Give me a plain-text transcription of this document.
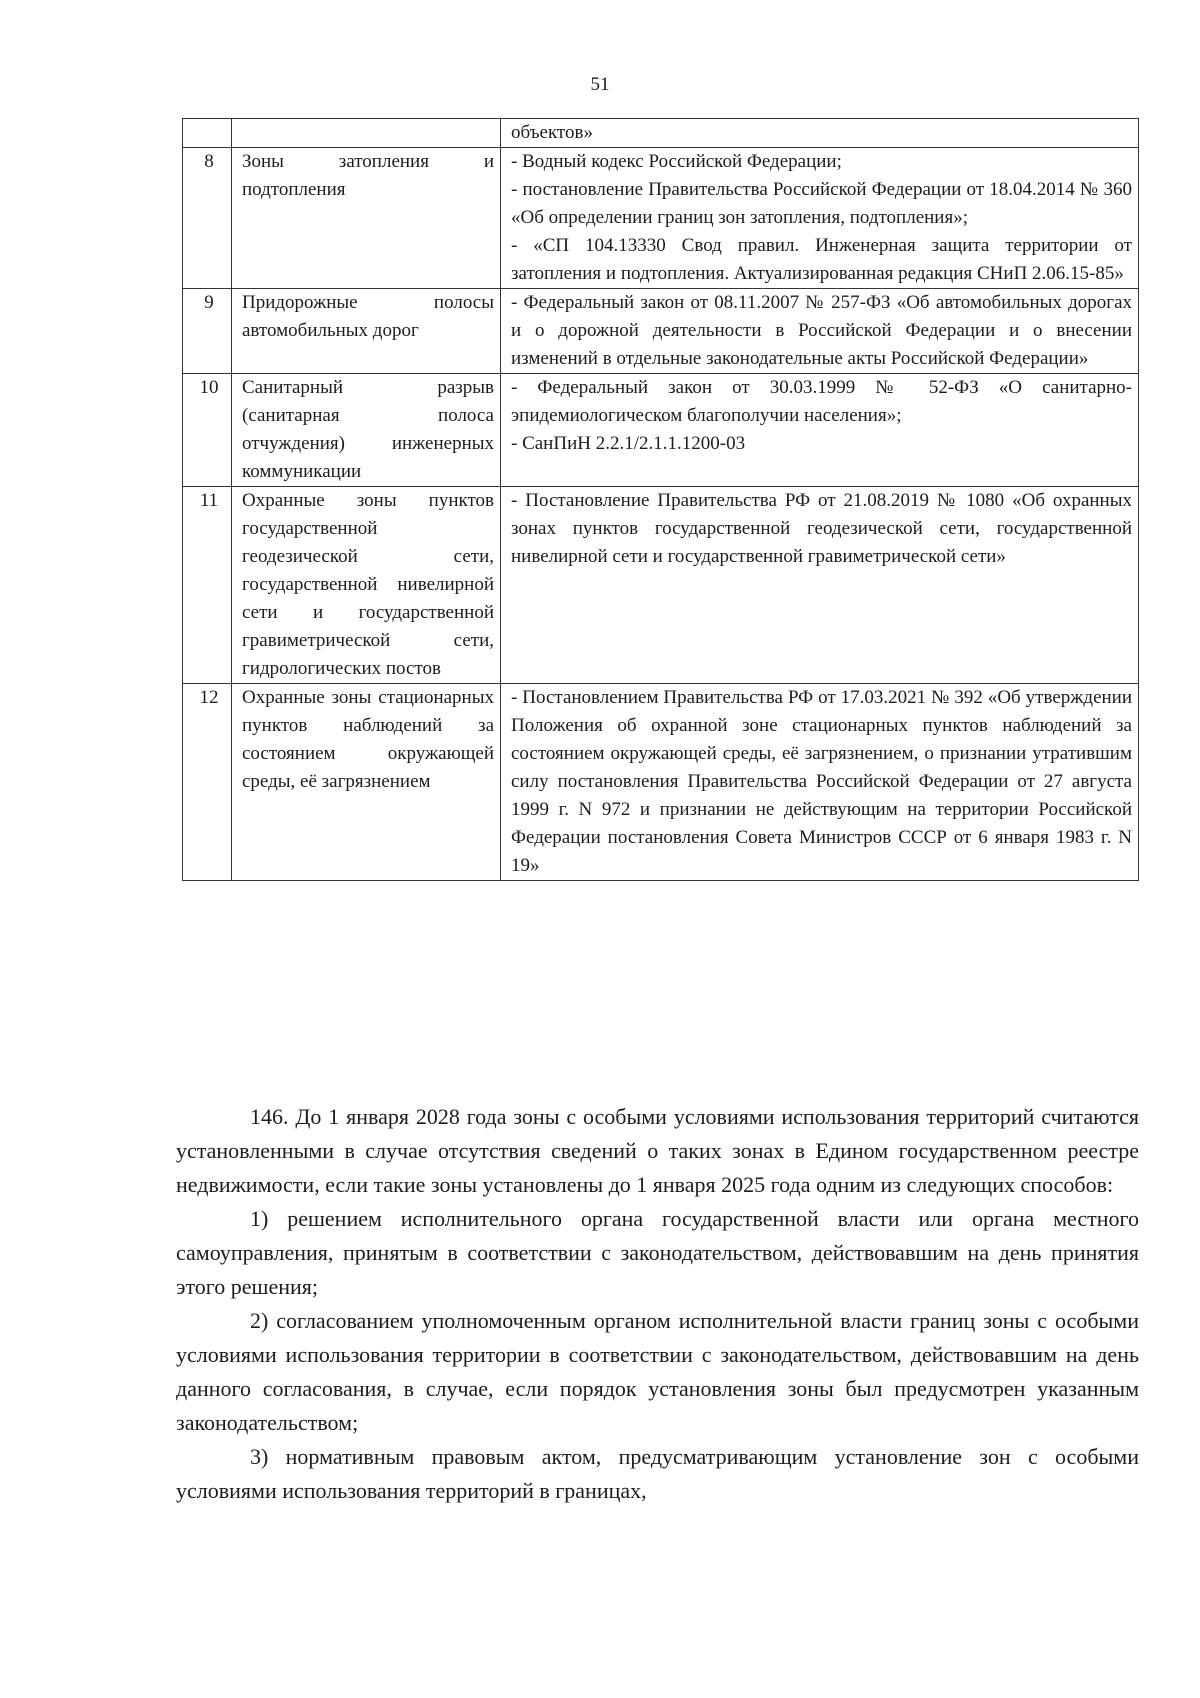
51
		объектов»
8	Зоны затопления и подтопления	- Водный кодекс Российской Федерации;
- постановление Правительства Российской Федерации от 18.04.2014 № 360 «Об определении границ зон затопления, подтопления»;
- «СП 104.13330 Свод правил. Инженерная защита территории от затопления и подтопления. Актуализированная редакция СНиП 2.06.15-85»

9	Придорожные полосы автомобильных дорог	- Федеральный закон от 08.11.2007 № 257-ФЗ «Об автомобильных дорогах и о дорожной деятельности в Российской Федерации и о внесении изменений в отдельные законодательные акты Российской Федерации»

10	Санитарный разрыв (санитарная полоса отчуждения) инженерных коммуникации	- Федеральный закон от 30.03.1999 № 52-ФЗ «О санитарно-эпидемиологическом благополучии населения»;
- СанПиН 2.2.1/2.1.1.1200-03

11	Охранные зоны пунктов государственной геодезической сети, государственной нивелирной сети и государственной гравиметрической сети, гидрологических постов	- Постановление Правительства РФ от 21.08.2019 № 1080 «Об охранных зонах пунктов государственной геодезической сети, государственной нивелирной сети и государственной гравиметрической сети»

12	Охранные зоны стационарных пунктов наблюдений за состоянием окружающей среды, её загрязнением	- Постановлением Правительства РФ от 17.03.2021 № 392 «Об утверждении Положения об охранной зоне стационарных пунктов наблюдений за состоянием окружающей среды, её загрязнением, о признании утратившим силу постановления Правительства Российской Федерации от 27 августа 1999 г. N 972 и признании не действующим на территории Российской Федерации постановления Совета Министров СССР от 6 января 1983 г. N 19»

146. До 1 января 2028 года зоны с особыми условиями использования территорий считаются установленными в случае отсутствия сведений о таких зонах в Едином государственном реестре недвижимости, если такие зоны установлены до 1 января 2025 года одним из следующих способов:

1) решением исполнительного органа государственной власти или органа местного самоуправления, принятым в соответствии с законодательством, действовавшим на день принятия этого решения;

2) согласованием уполномоченным органом исполнительной власти границ зоны с особыми условиями использования территории в соответствии с законодательством, действовавшим на день данного согласования, в случае, если порядок установления зоны был предусмотрен указанным законодательством;

3) нормативным правовым актом, предусматривающим установление зон с особыми условиями использования территорий в границах,
